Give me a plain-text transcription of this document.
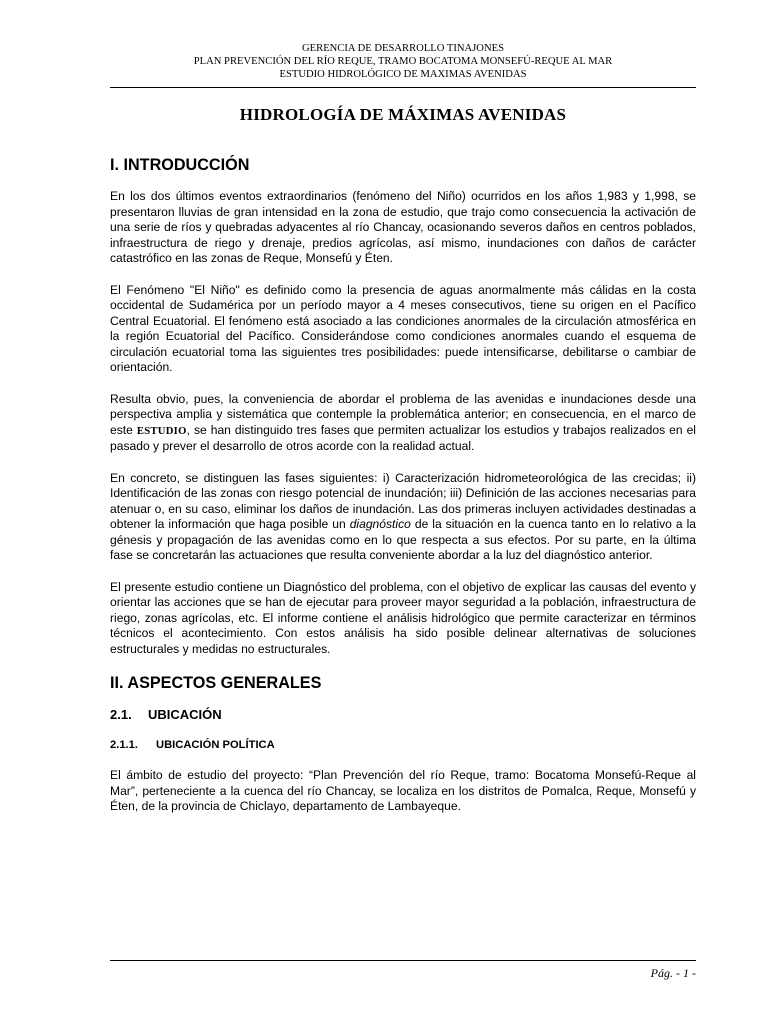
GERENCIA DE DESARROLLO TINAJONES
PLAN PREVENCIÓN DEL RÍO REQUE, TRAMO BOCATOMA MONSEFÚ-REQUE AL MAR
ESTUDIO HIDROLÓGICO DE MAXIMAS AVENIDAS
HIDROLOGÍA DE MÁXIMAS AVENIDAS
I. INTRODUCCIÓN

En los dos últimos eventos extraordinarios (fenómeno del Niño) ocurridos en los años 1,983 y 1,998, se presentaron lluvias de gran intensidad en la zona de estudio, que trajo como consecuencia la activación de una serie de ríos y quebradas adyacentes al río Chancay, ocasionando severos daños en centros poblados, infraestructura de riego y drenaje, predios agrícolas, así mismo, inundaciones con daños de carácter catastrófico en las zonas de Reque, Monsefú y Éten.

El Fenómeno "El Niño" es definido como la presencia de aguas anormalmente más cálidas en la costa occidental de Sudamérica por un período mayor a 4 meses consecutivos, tiene su origen en el Pacífico Central Ecuatorial. El fenómeno está asociado a las condiciones anormales de la circulación atmosférica en la región Ecuatorial del Pacífico. Considerándose como condiciones anormales cuando el esquema de circulación ecuatorial toma las siguientes tres posibilidades: puede intensificarse, debilitarse o cambiar de orientación.

Resulta obvio, pues, la conveniencia de abordar el problema de las avenidas e inundaciones desde una perspectiva amplia y sistemática que contemple la problemática anterior; en consecuencia, en el marco de este ESTUDIO, se han distinguido tres fases que permiten actualizar los estudios y trabajos realizados en el pasado y prever el desarrollo de otros acorde con la realidad actual.

En concreto, se distinguen las fases siguientes: i) Caracterización hidrometeorológica de las crecidas; ii) Identificación de las zonas con riesgo potencial de inundación; iii) Definición de las acciones necesarias para atenuar o, en su caso, eliminar los daños de inundación. Las dos primeras incluyen actividades destinadas a obtener la información que haga posible un diagnóstico de la situación en la cuenca tanto en lo relativo a la génesis y propagación de las avenidas como en lo que respecta a sus efectos. Por su parte, en la última fase se concretarán las actuaciones que resulta conveniente abordar a la luz del diagnóstico anterior.

El presente estudio contiene un Diagnóstico del problema, con el objetivo de explicar las causas del evento y orientar las acciones que se han de ejecutar para proveer mayor seguridad a la población, infraestructura de riego, zonas agrícolas, etc. El informe contiene el análisis hidrológico que permite caracterizar en términos técnicos el acontecimiento. Con estos análisis ha sido posible delinear alternativas de soluciones estructurales y medidas no estructurales.

II. ASPECTOS GENERALES
2.1. UBICACIÓN
2.1.1. UBICACIÓN POLÍTICA

El ámbito de estudio del proyecto: “Plan Prevención del río Reque, tramo: Bocatoma Monsefú-Reque al Mar”, perteneciente a la cuenca del río Chancay, se localiza en los distritos de Pomalca, Reque, Monsefú y Éten, de la provincia de Chiclayo, departamento de Lambayeque.

Pág. - 1 -
